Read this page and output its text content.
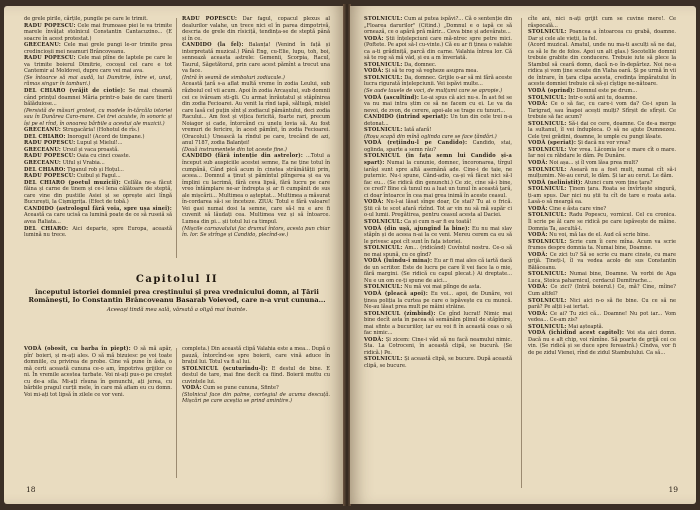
de grele pirile, cărțile, pungile pe care le trimit.

RADU POPESCU: Cele mai frumoase piei le va trimite marele învățat stolnicul Constantin Cantacuzino... (E soacre în acest protestat.)

GRECEANU: Cele mai grele pungi le-or trimite prea credincioșii mei neamuri Brâncoveanu.

RADU POPESCU: Cele mai plîne de laptele pe care le va trimite boierul Dimitrie, cocoșul cel care e tot Cantemir al Moldovei, dupre care vei mai ava.

(Se întoarce să mai audă, lui Dumitrie, între ei, unul, rămas singur în tamburi.)

DEL CHIARO (vrăjit de ciotie): Se mai cheamă când prințul doamnei Măria printr-o baie de care tinerii bălăduiose...

(Persistă de măsuri grotest, cu modele în-tărcăla istoriei sau în Dunărea Caro-mare. Cei trei acuiste, în sonoric și își pe el rînd, în onoarea bărbile a acestui ale muzicii.)

GRECEANU: Strugacăria! (Hohotul de rîs.)

DEL CHIARO: Inorogul! (Acord de timpane.)

RADU POPESCU: Lupul și Mielul!...

GRECEANU: Ursul și vaca proastă.

RADU POPESCU: Oaia cu cinci coaste.

GRECEANU: Ulful și Vrabia...

DEL CHIARO: Țiganul rob și Hoțul...

RADU POPESCU: Cuibul și Fagul...

DEL CHIARO (poetul muzicii): Cellăla ne-a făcut făina și carne de tinem și ce-i lena călătoare de steptă, care vine din pustiile Asiei și se oprește aici lîngă București, la Cișmigrița. (Efect de tobă.)

CANDIDO (astrologul fără voia, spre ușa sinei): Această ca care ucisă ca lumină poate de ce să ruseiă să avea Raliata...

DEL CHIARO: Aici departe, spre Europa, această lumină nu trece.

RADU POPESCU: Dar fagul, copacul plexus al dealurilor valahe, un trece nici el în parea dimpotrivă, descria de grele din rîsiciță, tendința-se de steptă până și în ce.

CANDIDO (la fel): Balanța! (Venind în față și interpretată muzical.) Până Eng, cu-Elie, lupu, toh, boi, sennează aceasta astrele: Gemenii, Scorpia, Racul, Taurul, Săgetătorul, prin care acest pămînt a trecut una va face.

(Intră în seamă de simboluri zodiacale.)

Această țară s-a aflat multă vreme în zodia Leului, sub războiul cel vii acum. Apoi în zodia Arcașului, sub domnii cei ce ivăream sti-gli. Cu armat înrăutatul și stăpînirea din zodia Fecioarei. Au venit la rînd iapă, săltugă, mișiel care lasă cel puțin sînt șl zodiacul pământului, deci zodia Racului... Am fost și vițica fericită, foarte rari, precum Noiagor și cade, întorcând cu unelu lovia să. Au fost vremuri de fericire, în acest pămînt, în zodia Fecioarei. (Oracolul.) Unească la rîndul pe care, trecând de azi, anul 7187, zodia Balanței!

(Două instrumentele din tot aceste fine.)

CANDIDO (fără intenție din astrelor): ...Totul a început sub auspiciile acestei semne, Ea ne ține totul în cumpănă, Când pică acum în cinstea străinătății prin, aceea... Domnul a ținut și pămîntul plîngerea și ea va împlini cu lacrimă, fără ceva lipsă, fără lucru pe care vreo întâmplare ne-ar îndrepta și ar fi cumpănit de sus ale mișcării... Multimea o așteptat... Multimea a măsurat în-cordarea să-i se înceteze. ZIUA: Totul e fără valoare! Vei gasi numai dosi la semne, care să-l nu e are fi cuvenit să lăudați cea. Multimea vez și să întoarce. Lumea din pi... șii totul lui ca timpul.

(Mișcile carnavalului fac drumul întors, acesta pun chiar în. lor. Se strînge și Candido, plecînd-se.)

Capitolul II
începutul istoriei domniei prea creștinului și prea vrednicului domn, al Țării Românești, Io Constantin Brâncoveanu Basarab Voievod, care n-a vrut cununa...
Aceeași tindă mea sală, vărsată a oligă mai înainte.

VODĂ (obosit, cu barba în piept): O să mă apăr, pîn' boieri, și m-ați ales. O să mă bizuiesc pe voi toate domniile, cu privirea de probe. Cine vă pune în ăsta, o mă certi această cununa ce-o am, împotriva grijilor ce ni. În vremile acestea turbate. Voi ni-ați pus-o pe creștet cu de-a sila. Mi-ați rîsuna în genunchi, ați jerea, cu bărbile pragul curții mele, în care mă aflam eu cu domn. Voi mi-ați tot lipsă în zilele ce vor veni.

completa.) Din această clipă Valahia este a mea... După o pauză, întorcînd-se spre boierii, care vină aduce în brațul lui. Totul va fi al lui.

STOLNICUL (scuturîndu-l): E destul de bine. E destul de tare, mai fine decît ca fiind. Boierii muttu cu cuvintele lui.

VODĂ: Cum se pune cununa, Sfinte?

(Stolnicul face din palme, cortegiul de acuma descuță. Mișcări pe care aceștia se prind amintire.)

18

STOLNICUL: Cum ai putea ispăvi?... Că o sentenție din „Floarea darurilor" (Citind.) „Domnul e o iapă ce să ornează, ce o apără pră mărir... Ceva bine și adevărate...

VODĂ: Știi înțelepciuni care mă-ntrec spre petre mici. (Poftete. Pe apoi să-l cu-vinte.) Că eu ar fi ținea o valahie ca a-ti grădiniță, parcă din carne. Valahia întrea lor. Că să te rog să mă văd, și eu a m înveriată.

STOLNICUL: Da, domnec.

VODĂ: Și să te rog să vegheze asupra mea.

STOLNICUL: Da, domnec. Grijile o-ar să mi fără aceste lucra rigurată înțelepciunii. Vei ispăvi multe...

(Se aude tauele de voci, de mulțumi care se apropie.)

VODĂ (ascultînd): Le-ai spus că aici nu-s. În ast fel se va nu mai intra știm ce să ne facem cu ei. Le va da nevoi, de zvon, de cerere, apoi-ale se trage cu tunuri...

CANDIDO (intrînd speriat): Un tun din cele trei n-a detonat...

STOLNICUL: Iată afară!

(Roșu scapă din mînă oglinda care se face țăndări.)

VODĂ (rețiindu-l pe Candido): Candido, stai, oglinda, sparte a semn rău?

STOLNICUL (în fața semn lui Candido și-a spart): Numai la cununie, domnec, încoronarea, tîrgul iarăși sunt spre altă asemănă ade. Cine-i de taie, ne puternic. Nu-i spune, Cănd-adio, ca-și vă făcut nici să-l fac eu... (Se ridică din genunchi.) Ce zic, cine să-i bine, ce cred? Bine că tunul nu a luat un tunul în această țară, ci doar întoarce în cea mai grea inimă în aceste ceasul.

VODĂ: Nu-l-ai lăsat sînge doar, Ce stai? Tu ai o frică. Știi că te scot afară rîzînd. Tot ar vin nu să mă supăr ci o-ul lumii. Pregătirea, pentru ceasul acesta al Daciei.

STOLNICUL: Ca și cum n-ar fi eu toată!

VODĂ (din ușă, ajungînd la bine): Eu nu mai slav stăpîn și de aceea n-ai la ce veni. Mereu cerem ca eu să le privesc apoi cît sunt în fața istoriei.

STOLNICUL: Am... (ridicând) Cuvîntul nostru. Ce-o să ne mai spună, cu ce gînd?

VODĂ (luîndu-i mîna): Eu ar fi mai ales că iartă dacă de un scriitor. Este de lucru pe care îl vei face la o mie, fără margini. (Se ridică cu capul plecat.) Ai dreptate... Nu e un om ce-ți spune de aici...

STOLNICUL: Nu mă voi mai plînge de asta.

VODĂ (pleacă apoi): Eu voi... apoi, de Dunăre, voi ținea poliția la curtea pe care o ispăvește cu cu muncă. Ne-au lăsat prea mult pe mâini străine.

STOLNICUL (zîmbind): Ce gînd lucrat! Nimic mai bine decît asta în pacea să semănăm plinul de stăpînire, mai sfinte a bucuriilor, iar eu voi fi în această ceas o să fac nimic...

VODĂ: Și zicem: Cine-i văd să nu facă neamului nimic. Sta. La Cotroceni, în această clipă, se bucură. (Se ridică.) Pe.

STOLNICUL: Și această clipă, se bucure. După această clipă, se bucure.

cîte ani, nici n-ați grijit cum se cuvine mere!. Ce răspocală...

STOLNICUL: Poancea a întoarcea cu grabă, doamne. Dar și cele ale vieții, la fel.

(Acord muzical. Amatul, unde nu ma-ti asculți să ne dai, ca să le fie de folos. Apoi un alt glas.) Socotelile domnii trebuie grabite din conducere. Trebuie iute să plece la Stambul să ceară domn, dacă n-o în-depărtez. Noi ne-a ridica și vom ține scoate din Vlaha oară. Și pe urmă în vii de întrare, în țara clipa acesta, credința împăratului în aceste domniei trebuie că să-și cîștige ne-nătoare.

VODĂ (oprind): Domnul este pe drum...

STOLNICUL: Intr-o sută ani tu, doamne.

VODĂ: Ce o să fac, cu care-i vom da? Ce-i spun la Tarigrad, sau înapoi acești mulți? Sfîrșit de sfîrșit. Ce trebuie să fac acum?

STOLNICUL: Să-i dai ce cere, doamne. Ce de-a merge la sultanul, îl vei îndupleca. O să ne ajute Dumnezeu. Cele trei grădini, doamne, le umple cu pungi lăsate.

VODĂ (speriat): Și dacă nu vor vrea?

STOLNICUL: Vor vrea. Lăcomia lor e mare cît o mare. Iar noi cu răbdare le dăm. Pe Dunăre.

VODĂ: Noi așa... și îl vom lăsa prea mult?

STOLNICUL: Aseară nu a fost mult, numai cît să-i mulțumim. Ne-au cerut, le dăm. Și iar au cerut. Le dăm.

VODĂ (neliniștit): Atunci cum vom ține țara?

STOLNICUL: Ținem țara. Roata se învîrtește singură, ți-am spus. Dar nici nu știi tu cît de tare e roata asta. Lasă-o să meargă ea.

VODĂ: Cine e ăsta care vine?

STOLNICUL: Radu Popescu, vornicul. Cel cu cronica. Îl scrie pe ăl care se ridică pe care ispăvește de mâine. Domnia Ta, ascultă-l.

VODĂ: Nu voi, mă las de el. Aud că scrie bine.

STOLNICUL: Scrie cum îi cere mîna. Acum va scrie frumos despre domnia ta. Numai bine, Doamne.

VODĂ: Ce zici tu? Să se scrie cu mare cinste, cu mare grijă. Țineți-l, îl va vedea acolo de sus Constantin Bălăceanu.

STOLNICUL: Numai bine, Doamne. Va vorbi de Aga Luca, Stoica paharnicul, cerdacul Dumitrache...

VODĂ: Ce zici? (Intră boierul.) Ce, mă? Cine, mîine? Cum altfel?

STOLNICUL: Nici aici n-o să fie bine. Cu ce să ne pară? Pe alții i-ai iertat.

VODĂ: Ce ai? Tu zici că... Doamne! Nu pot iar... Vom vedea... Ce-am zis?

STOLNICUL: Mai așteaptă.

VODĂ (îchidînd acest capitol): Voi sta aici domn. Dacă nu e alt chip, voi rămîne. Să poarte de grijă cei ce vin. (Se ridică și se duce spre fereastră.) Cîndva, vor fi de pe zidul Vienei, rînd de zidul Stambulului. Ca să...

19
